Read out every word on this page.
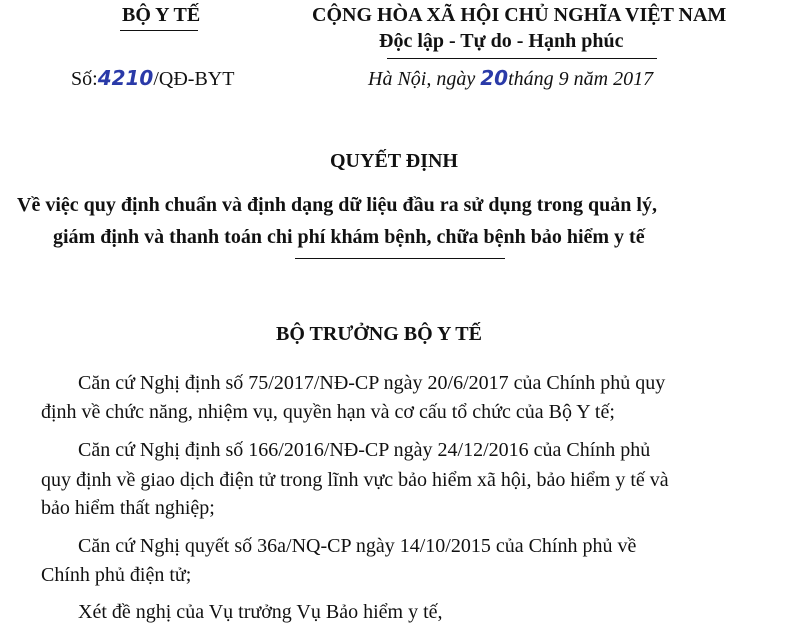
BỘ Y TẾ
Số:4210/QĐ-BYT
CỘNG HÒA XÃ HỘI CHỦ NGHĨA VIỆT NAM
Độc lập - Tự do - Hạnh phúc
Hà Nội, ngày 20tháng 9 năm 2017
QUYẾT ĐỊNH
Về việc quy định chuẩn và định dạng dữ liệu đầu ra sử dụng trong quản lý,
giám định và thanh toán chi phí khám bệnh, chữa bệnh bảo hiểm y tế
BỘ TRƯỞNG BỘ Y TẾ
Căn cứ Nghị định số 75/2017/NĐ-CP ngày 20/6/2017 của Chính phủ quy
định về chức năng, nhiệm vụ, quyền hạn và cơ cấu tổ chức của Bộ Y tế;
Căn cứ Nghị định số 166/2016/NĐ-CP ngày 24/12/2016 của Chính phủ
quy định về giao dịch điện tử trong lĩnh vực bảo hiểm xã hội, bảo hiểm y tế và
bảo hiểm thất nghiệp;
Căn cứ Nghị quyết số 36a/NQ-CP ngày 14/10/2015 của Chính phủ về
Chính phủ điện tử;
Xét đề nghị của Vụ trưởng Vụ Bảo hiểm y tế,
